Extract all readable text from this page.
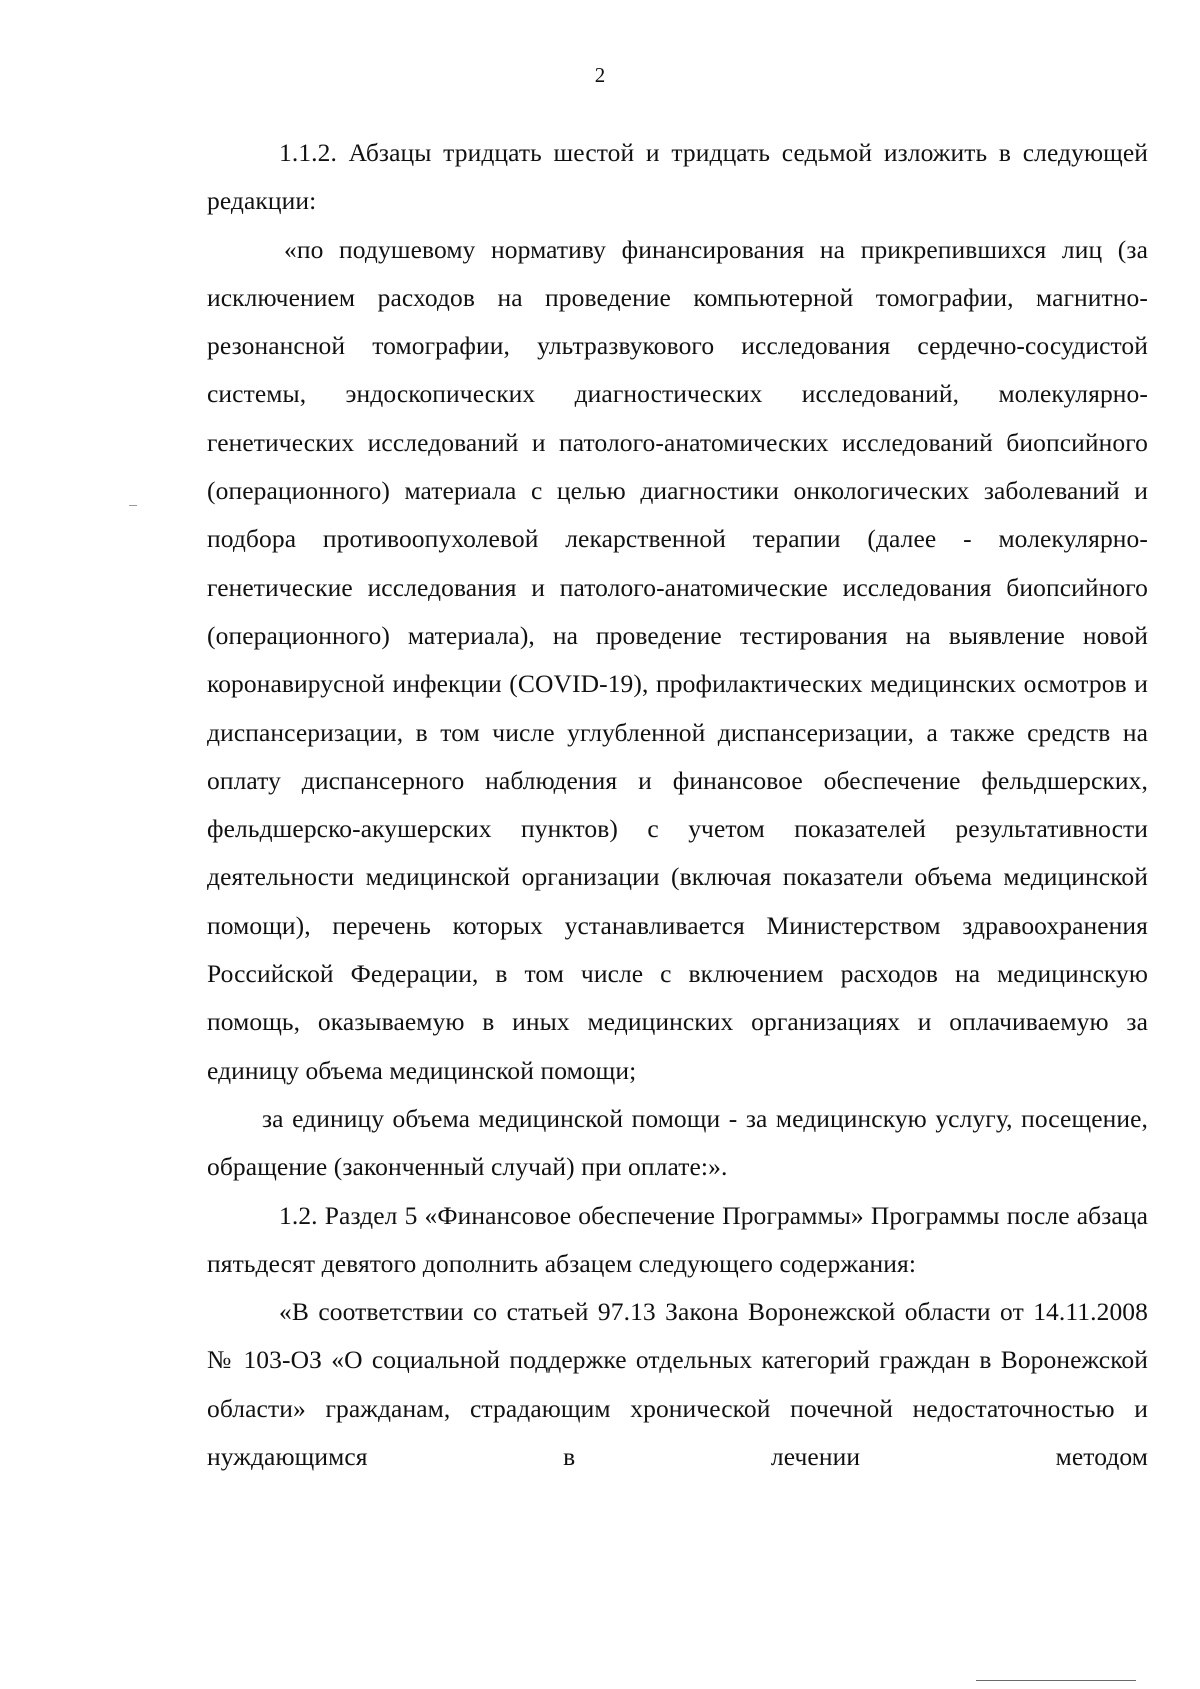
2

1.1.2. Абзацы тридцать шестой и тридцать седьмой изложить в следующей редакции:

«по подушевому нормативу финансирования на прикрепившихся лиц (за исключением расходов на проведение компьютерной томографии, магнитно-резонансной томографии, ультразвукового исследования сердечно-сосудистой системы, эндоскопических диагностических исследований, молекулярно-генетических исследований и патолого-анатомических исследований биопсийного (операционного) материала с целью диагностики онкологических заболеваний и подбора противоопухолевой лекарственной терапии (далее - молекулярно-генетические исследования и патолого-анатомические исследования биопсийного (операционного) материала), на проведение тестирования на выявление новой коронавирусной инфекции (COVID-19), профилактических медицинских осмотров и диспансеризации, в том числе углубленной диспансеризации, а также средств на оплату диспансерного наблюдения и финансовое обеспечение фельдшерских, фельдшерско-акушерских пунктов) с учетом показателей результативности деятельности медицинской организации (включая показатели объема медицинской помощи), перечень которых устанавливается Министерством здравоохранения Российской Федерации, в том числе с включением расходов на медицинскую помощь, оказываемую в иных медицинских организациях и оплачиваемую за единицу объема медицинской помощи;

за единицу объема медицинской помощи - за медицинскую услугу, посещение, обращение (законченный случай) при оплате:».

1.2. Раздел 5 «Финансовое обеспечение Программы» Программы после абзаца пятьдесят девятого дополнить абзацем следующего содержания:

«В соответствии со статьей 97.13 Закона Воронежской области от 14.11.2008 № 103-ОЗ «О социальной поддержке отдельных категорий граждан в Воронежской области» гражданам, страдающим хронической почечной недостаточностью и нуждающимся в лечении методом
